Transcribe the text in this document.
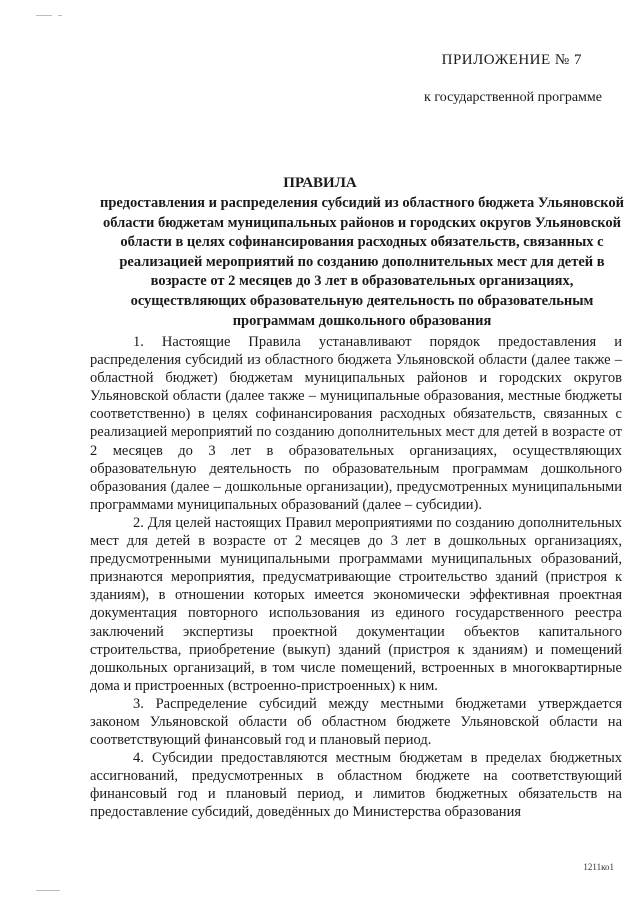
ПРИЛОЖЕНИЕ № 7
к государственной программе
ПРАВИЛА

предоставления и распределения субсидий из областного бюджета Ульяновской области бюджетам муниципальных районов и городских округов Ульяновской области в целях софинансирования расходных обязательств, связанных с реализацией мероприятий по созданию дополнительных мест для детей в возрасте от 2 месяцев до 3 лет в образовательных организациях, осуществляющих образовательную деятельность по образовательным программам дошкольного образования

1. Настоящие Правила устанавливают порядок предоставления и распределения субсидий из областного бюджета Ульяновской области (далее также – областной бюджет) бюджетам муниципальных районов и городских округов Ульяновской области (далее также – муниципальные образования, местные бюджеты соответственно) в целях софинансирования расходных обязательств, связанных с реализацией мероприятий по созданию дополнительных мест для детей в возрасте от 2 месяцев до 3 лет в образовательных организациях, осуществляющих образовательную деятельность по образовательным программам дошкольного образования (далее – дошкольные организации), предусмотренных муниципальными программами муниципальных образований (далее – субсидии).

2. Для целей настоящих Правил мероприятиями по созданию дополнительных мест для детей в возрасте от 2 месяцев до 3 лет в дошкольных организациях, предусмотренными муниципальными программами муниципальных образований, признаются мероприятия, предусматривающие строительство зданий (пристроя к зданиям), в отношении которых имеется экономически эффективная проектная документация повторного использования из единого государственного реестра заключений экспертизы проектной документации объектов капитального строительства, приобретение (выкуп) зданий (пристроя к зданиям) и помещений дошкольных организаций, в том числе помещений, встроенных в многоквартирные дома и пристроенных (встроенно-пристроенных) к ним.

3. Распределение субсидий между местными бюджетами утверждается законом Ульяновской области об областном бюджете Ульяновской области на соответствующий финансовый год и плановый период.

4. Субсидии предоставляются местным бюджетам в пределах бюджетных ассигнований, предусмотренных в областном бюджете на соответствующий финансовый год и плановый период, и лимитов бюджетных обязательств на предоставление субсидий, доведённых до Министерства образования

1211ко1
